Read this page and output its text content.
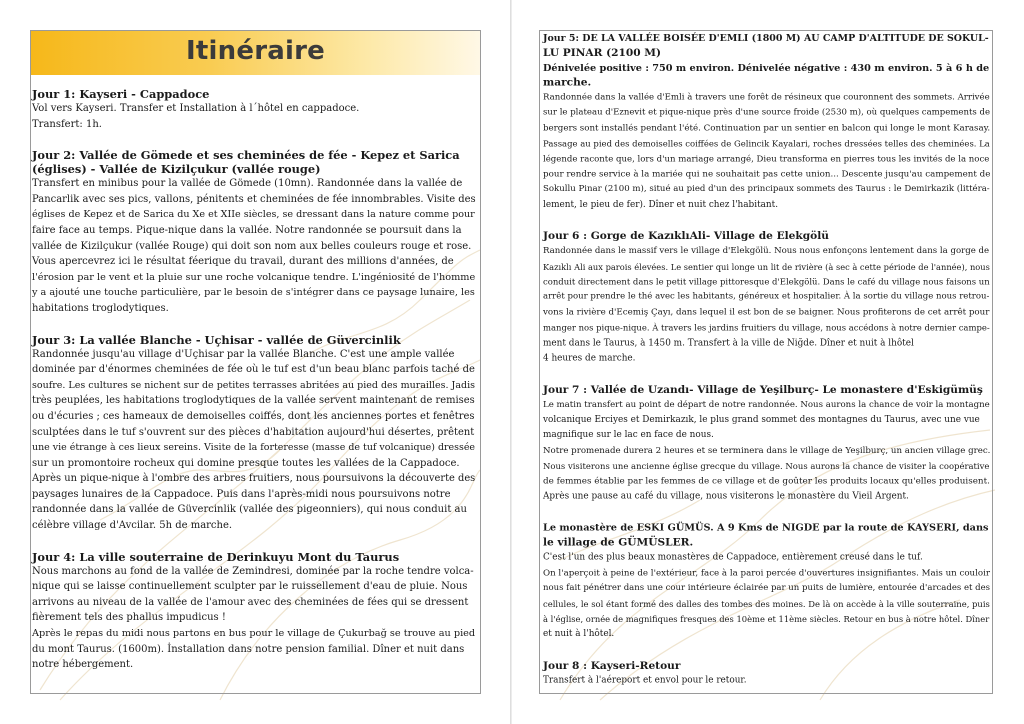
Itinéraire

Jour 1: Kayseri - Cappadoce

Vol vers Kayseri. Transfer et Installation à l´hôtel en cappadoce.
Transfert: 1h.

Jour 2: Vallée de Gömede et ses cheminées de fée - Kepez et Sarica (églises) - Vallée de Kizilçukur (vallée rouge)

Transfert en minibus pour la vallée de Gömede (10mn). Randonnée dans la vallée de
Pancarlik avec ses pics, vallons, pénitents et cheminées de fée innombrables. Visite des
églises de Kepez et de Sarica du Xe et XIIe siècles, se dressant dans la nature comme pour
faire face au temps. Pique-nique dans la vallée. Notre randonnée se poursuit dans la
vallée de Kizilçukur (vallée Rouge) qui doit son nom aux belles couleurs rouge et rose.
Vous apercevrez ici le résultat féerique du travail, durant des millions d'années, de
l'érosion par le vent et la pluie sur une roche volcanique tendre. L'ingéniosité de l'homme
y a ajouté une touche particulière, par le besoin de s'intégrer dans ce paysage lunaire, les
habitations troglodytiques.

Jour 3: La vallée Blanche - Uçhisar - vallée de Güvercinlik

Randonnée jusqu'au village d'Uçhisar par la vallée Blanche. C'est une ample vallée
dominée par d'énormes cheminées de fée où le tuf est d'un beau blanc parfois taché de
soufre. Les cultures se nichent sur de petites terrasses abritées au pied des murailles. Jadis
très peuplées, les habitations troglodytiques de la vallée servent maintenant de remises
ou d'écuries ; ces hameaux de demoiselles coiffés, dont les anciennes portes et fenêtres
sculptées dans le tuf s'ouvrent sur des pièces d'habitation aujourd'hui désertes, prêtent
une vie étrange à ces lieux sereins. Visite de la forteresse (masse de tuf volcanique) dressée
sur un promontoire rocheux qui domine presque toutes les vallées de la Cappadoce.
Après un pique-nique à l'ombre des arbres fruitiers, nous poursuivons la découverte des
paysages lunaires de la Cappadoce. Puis dans l'après-midi nous poursuivons notre
randonnée dans la vallée de Güvercinlik (vallée des pigeonniers), qui nous conduit au
célèbre village d'Avcilar. 5h de marche.

Jour 4: La ville souterraine de Derinkuyu Mont du Taurus

Nous marchons au fond de la vallée de Zemindresi, dominée par la roche tendre volca-
nique qui se laisse continuellement sculpter par le ruissellement d'eau de pluie. Nous
arrivons au niveau de la vallée de l'amour avec des cheminées de fées qui se dressent
fièrement tels des phallus impudicus !
Après le repas du midi nous partons en bus pour le village de Çukurbağ se trouve au pied
du mont Taurus. (1600m). İnstallation dans notre pension familial. Dîner et nuit dans
notre hébergement.

Jour 5: DE LA VALLÉE BOISÉE D'EMLI (1800 M) AU CAMP D'ALTITUDE DE SOKUL-
LU PINAR (2100 M)
Dénivelée positive : 750 m environ. Dénivelée négative : 430 m environ. 5 à 6 h de
marche.

Randonnée dans la vallée d'Emli à travers une forêt de résineux que couronnent des sommets. Arrivée
sur le plateau d'Eznevit et pique-nique près d'une source froide (2530 m), où quelques campements de
bergers sont installés pendant l'été. Continuation par un sentier en balcon qui longe le mont Karasay.
Passage au pied des demoiselles coiffées de Gelincik Kayalari, roches dressées telles des cheminées. La
légende raconte que, lors d'un mariage arrangé, Dieu transforma en pierres tous les invités de la noce
pour rendre service à la mariée qui ne souhaitait pas cette union... Descente jusqu'au campement de
Sokullu Pinar (2100 m), situé au pied d'un des principaux sommets des Taurus : le Demirkazik (littéra-
lement, le pieu de fer). Dîner et nuit chez l'habitant.

Jour 6 : Gorge de KazıklıAli- Village de Elekgölü

Randonnée dans le massif vers le village d'Elekgölü. Nous nous enfonçons lentement dans la gorge de
Kazıklı Ali aux parois élevées. Le sentier qui longe un lit de rivière (à sec à cette période de l'année), nous
conduit directement dans le petit village pittoresque d'Elekgölü. Dans le café du village nous faisons un
arrêt pour prendre le thé avec les habitants, généreux et hospitalier. À la sortie du village nous retrou-
vons la rivière d'Ecemiş Çayı, dans lequel il est bon de se baigner. Nous profiterons de cet arrêt pour
manger nos pique-nique. À travers les jardins fruitiers du village, nous accédons à notre dernier campe-
ment dans le Taurus, à 1450 m. Transfert à la ville de Niğde. Dîner et nuit à lhôtel
4 heures de marche.

Jour 7 : Vallée de Uzandı- Village de Yeşilburç- Le monastere d'Eskigümüş

Le matin transfert au point de départ de notre randonnée. Nous aurons la chance de voir la montagne
volcanique Erciyes et Demirkazık, le plus grand sommet des montagnes du Taurus, avec une vue
magnifique sur le lac en face de nous.
Notre promenade durera 2 heures et se terminera dans le village de Yeşilburç, un ancien village grec.
Nous visiterons une ancienne église grecque du village. Nous aurons la chance de visiter la coopérative
de femmes établie par les femmes de ce village et de goûter les produits locaux qu'elles produisent.
Après une pause au café du village, nous visiterons le monastère du Vieil Argent.

Le monastère de ESKI GÜMÜS. A 9 Kms de NIGDE par la route de KAYSERI, dans
le village de GÜMÜSLER.

C'est l'un des plus beaux monastères de Cappadoce, entièrement creusé dans le tuf.
On l'aperçoit à peine de l'extérieur, face à la paroi percée d'ouvertures insignifiantes. Mais un couloir
nous fait pénétrer dans une cour intérieure éclairée par un puits de lumière, entourée d'arcades et des
cellules, le sol étant formé des dalles des tombes des moines. De là on accède à la ville souterraine, puis
à l'église, ornée de magnifiques fresques des 10ème et 11ème siècles. Retour en bus à notre hôtel. Dîner
et nuit à l'hôtel.

Jour 8 : Kayseri-Retour

Transfert à l'aéreport et envol pour le retour.
